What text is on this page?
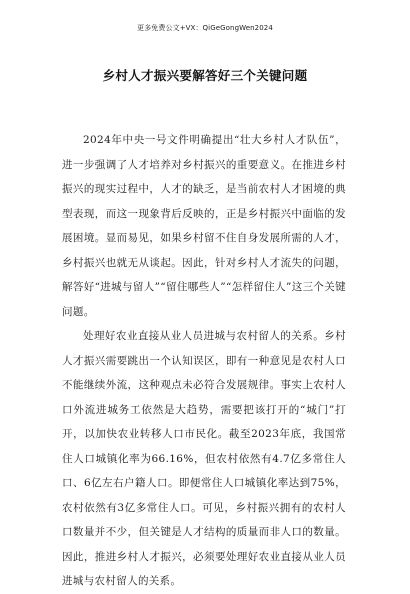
更多免费公文+VX：QiGeGongWen2024
乡村人才振兴要解答好三个关键问题

2024年中央一号文件明确提出“壮大乡村人才队伍”，进一步强调了人才培养对乡村振兴的重要意义。在推进乡村振兴的现实过程中，人才的缺乏，是当前农村人才困境的典型表现，而这一现象背后反映的，正是乡村振兴中面临的发展困境。显而易见，如果乡村留不住自身发展所需的人才，乡村振兴也就无从谈起。因此，针对乡村人才流失的问题，解答好“进城与留人”“留住哪些人”“怎样留住人”这三个关键问题。

处理好农业直接从业人员进城与农村留人的关系。乡村人才振兴需要跳出一个认知误区，即有一种意见是农村人口不能继续外流，这种观点未必符合发展规律。事实上农村人口外流进城务工依然是大趋势，需要把该打开的“城门”打开，以加快农业转移人口市民化。截至2023年底，我国常住人口城镇化率为66.16%，但农村依然有4.7亿多常住人口、6亿左右户籍人口。即便常住人口城镇化率达到75%，农村依然有3亿多常住人口。可见，乡村振兴拥有的农村人口数量并不少，但关键是人才结构的质量而非人口的数量。因此，推进乡村人才振兴，必须要处理好农业直接从业人员进城与农村留人的关系。
